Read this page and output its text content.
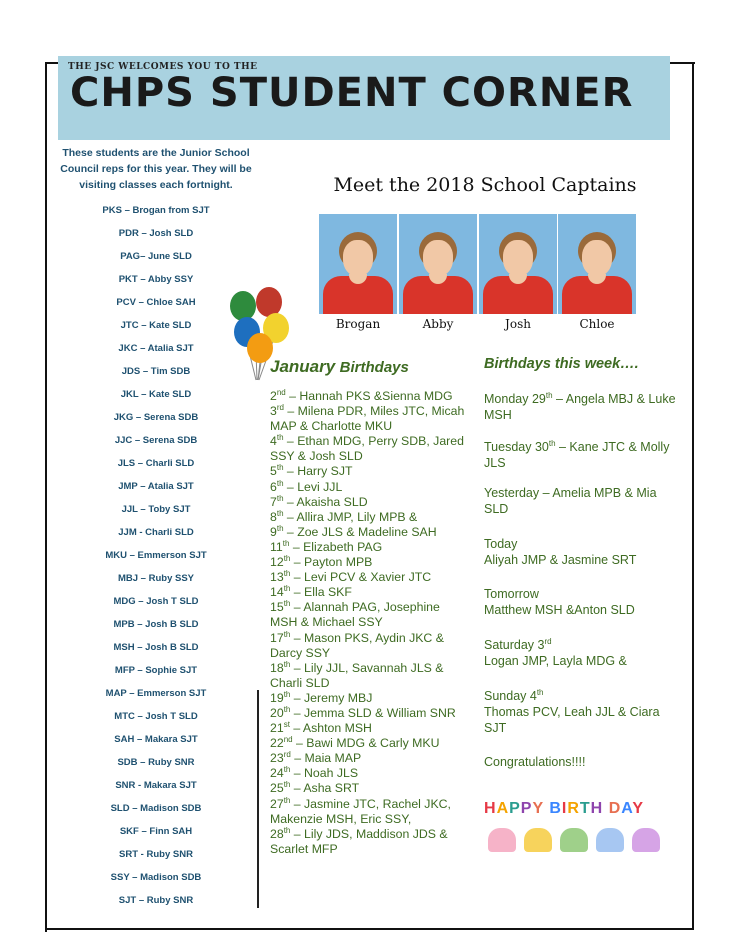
THE JSC WELCOMES YOU TO THE
CHPS STUDENT CORNER
These students are the Junior School Council reps for this year. They will be visiting classes each fortnight.
PKS – Brogan from SJT
PDR – Josh SLD
PAG– June SLD
PKT – Abby SSY
PCV – Chloe SAH
JTC – Kate SLD
JKC – Atalia SJT
JDS – Tim SDB
JKL – Kate SLD
JKG – Serena SDB
JJC – Serena SDB
JLS – Charli SLD
JMP – Atalia SJT
JJL – Toby SJT
JJM - Charli SLD
MKU – Emmerson SJT
MBJ – Ruby SSY
MDG – Josh T SLD
MPB – Josh B SLD
MSH – Josh B SLD
MFP – Sophie SJT
MAP – Emmerson SJT
MTC – Josh T SLD
SAH – Makara SJT
SDB – Ruby SNR
SNR - Makara SJT
SLD – Madison SDB
SKF – Finn SAH
SRT - Ruby SNR
SSY – Madison SDB
SJT – Ruby SNR
Meet the 2018 School Captains
Brogan	Abby	Josh	Chloe
January Birthdays
2nd – Hannah PKS &Sienna MDG
3rd – Milena PDR, Miles JTC, Micah MAP & Charlotte MKU
4th – Ethan MDG, Perry SDB, Jared SSY & Josh SLD
5th – Harry SJT
6th – Levi JJL
7th – Akaisha SLD
8th – Allira JMP, Lily MPB &
9th – Zoe JLS & Madeline SAH
11th – Elizabeth PAG
12th – Payton MPB
13th – Levi PCV & Xavier JTC
14th – Ella SKF
15th – Alannah PAG, Josephine MSH & Michael SSY
17th – Mason PKS, Aydin JKC & Darcy SSY
18th – Lily JJL, Savannah JLS & Charli SLD
19th – Jeremy MBJ
20th – Jemma SLD & William SNR
21st – Ashton MSH
22nd – Bawi MDG & Carly MKU
23rd – Maia MAP
24th – Noah JLS
25th – Asha SRT
27th – Jasmine JTC, Rachel JKC, Makenzie MSH, Eric SSY,
28th – Lily JDS, Maddison JDS & Scarlet MFP
Birthdays this week….
Monday 29th – Angela MBJ & Luke MSH
Tuesday 30th – Kane JTC & Molly JLS
Yesterday – Amelia MPB & Mia SLD
Today
Aliyah JMP & Jasmine SRT
Tomorrow
Matthew MSH &Anton SLD
Saturday 3rd
Logan JMP, Layla MDG &
Sunday 4th
Thomas PCV, Leah JJL & Ciara SJT
Congratulations!!!!
HAPPY BIRTH DAY
